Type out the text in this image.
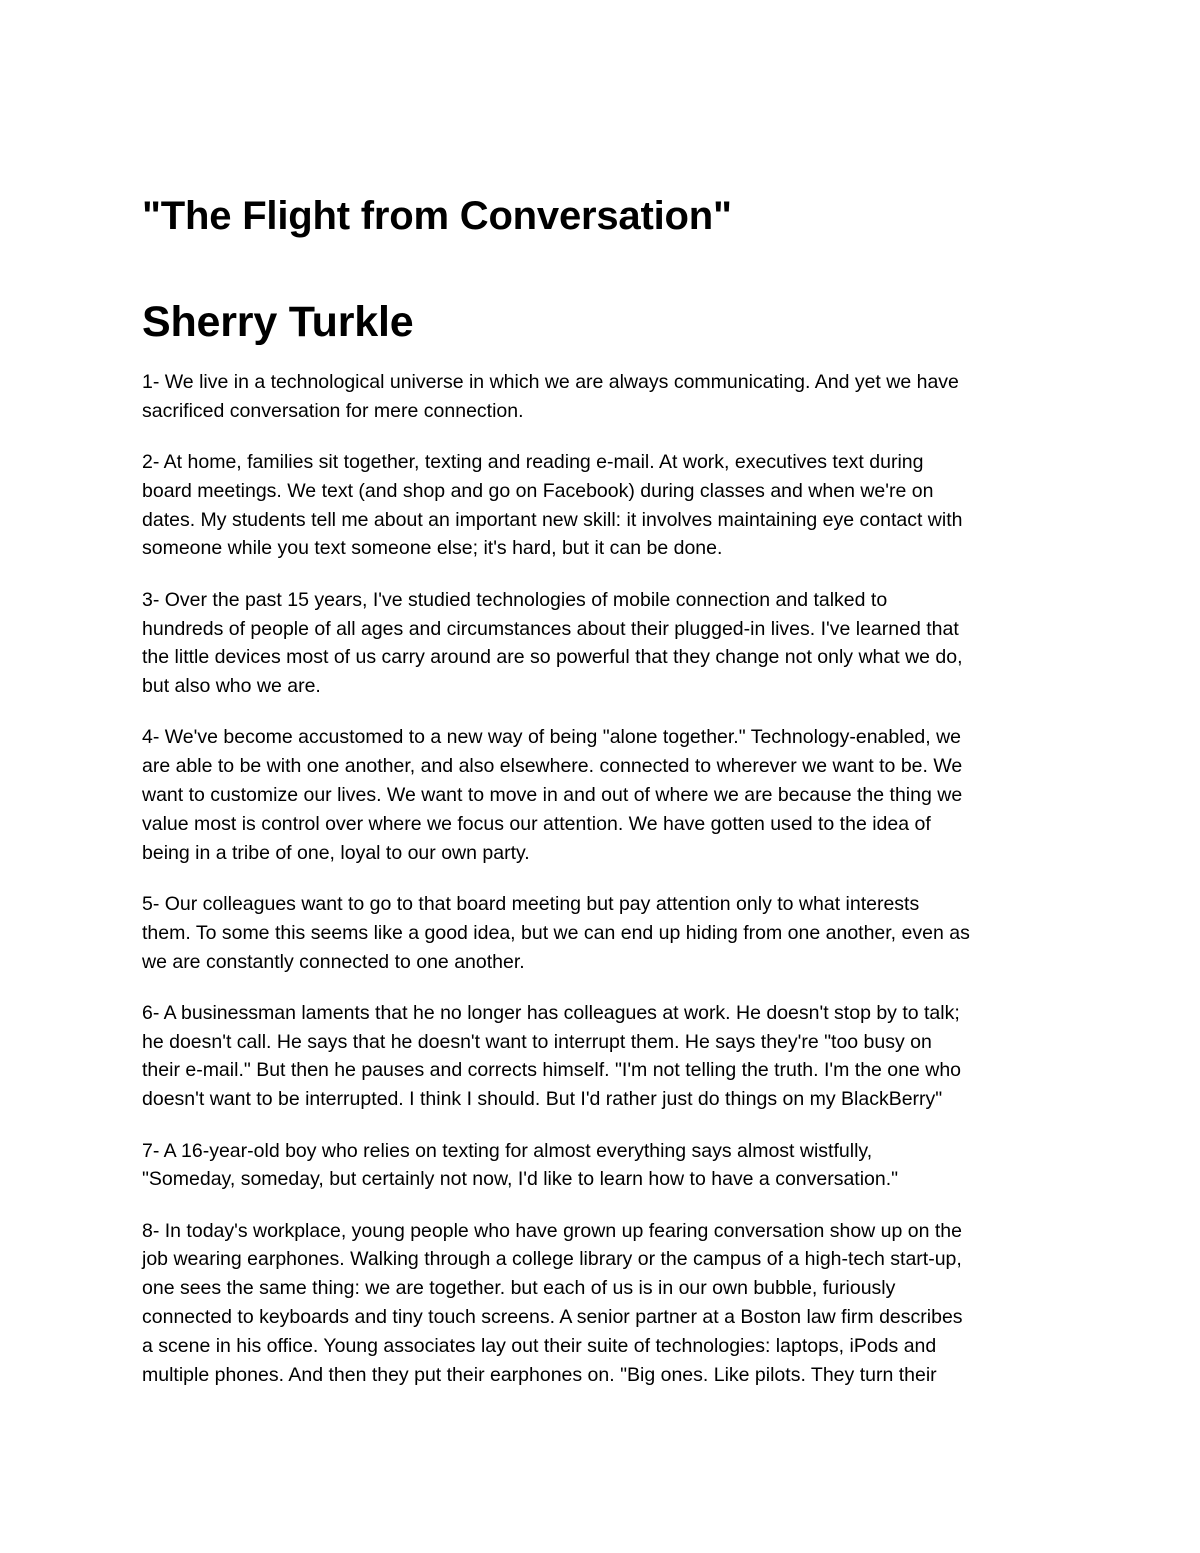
"The Flight from Conversation"
Sherry Turkle

1- We live in a technological universe in which we are always communicating. And yet we have
sacrificed conversation for mere connection.

2- At home, families sit together, texting and reading e-mail. At work, executives text during
board meetings. We text (and shop and go on Facebook) during classes and when we're on
dates. My students tell me about an important new skill: it involves maintaining eye contact with
someone while you text someone else; it's hard, but it can be done.

3- Over the past 15 years, I've studied technologies of mobile connection and talked to
hundreds of people of all ages and circumstances about their plugged-in lives. I've learned that
the little devices most of us carry around are so powerful that they change not only what we do,
but also who we are.

4- We've become accustomed to a new way of being "alone together." Technology-enabled, we
are able to be with one another, and also elsewhere. connected to wherever we want to be. We
want to customize our lives. We want to move in and out of where we are because the thing we
value most is control over where we focus our attention. We have gotten used to the idea of
being in a tribe of one, loyal to our own party.

5- Our colleagues want to go to that board meeting but pay attention only to what interests
them. To some this seems like a good idea, but we can end up hiding from one another, even as
we are constantly connected to one another.

6- A businessman laments that he no longer has colleagues at work. He doesn't stop by to talk;
he doesn't call. He says that he doesn't want to interrupt them. He says they're "too busy on
their e-mail." But then he pauses and corrects himself. "I'm not telling the truth. I'm the one who
doesn't want to be interrupted. I think I should. But I'd rather just do things on my BlackBerry"

7- A 16-year-old boy who relies on texting for almost everything says almost wistfully,
"Someday, someday, but certainly not now, I'd like to learn how to have a conversation."

8- In today's workplace, young people who have grown up fearing conversation show up on the
job wearing earphones. Walking through a college library or the campus of a high-tech start-up,
one sees the same thing: we are together. but each of us is in our own bubble, furiously
connected to keyboards and tiny touch screens. A senior partner at a Boston law firm describes
a scene in his office. Young associates lay out their suite of technologies: laptops, iPods and
multiple phones. And then they put their earphones on. "Big ones. Like pilots. They turn their
